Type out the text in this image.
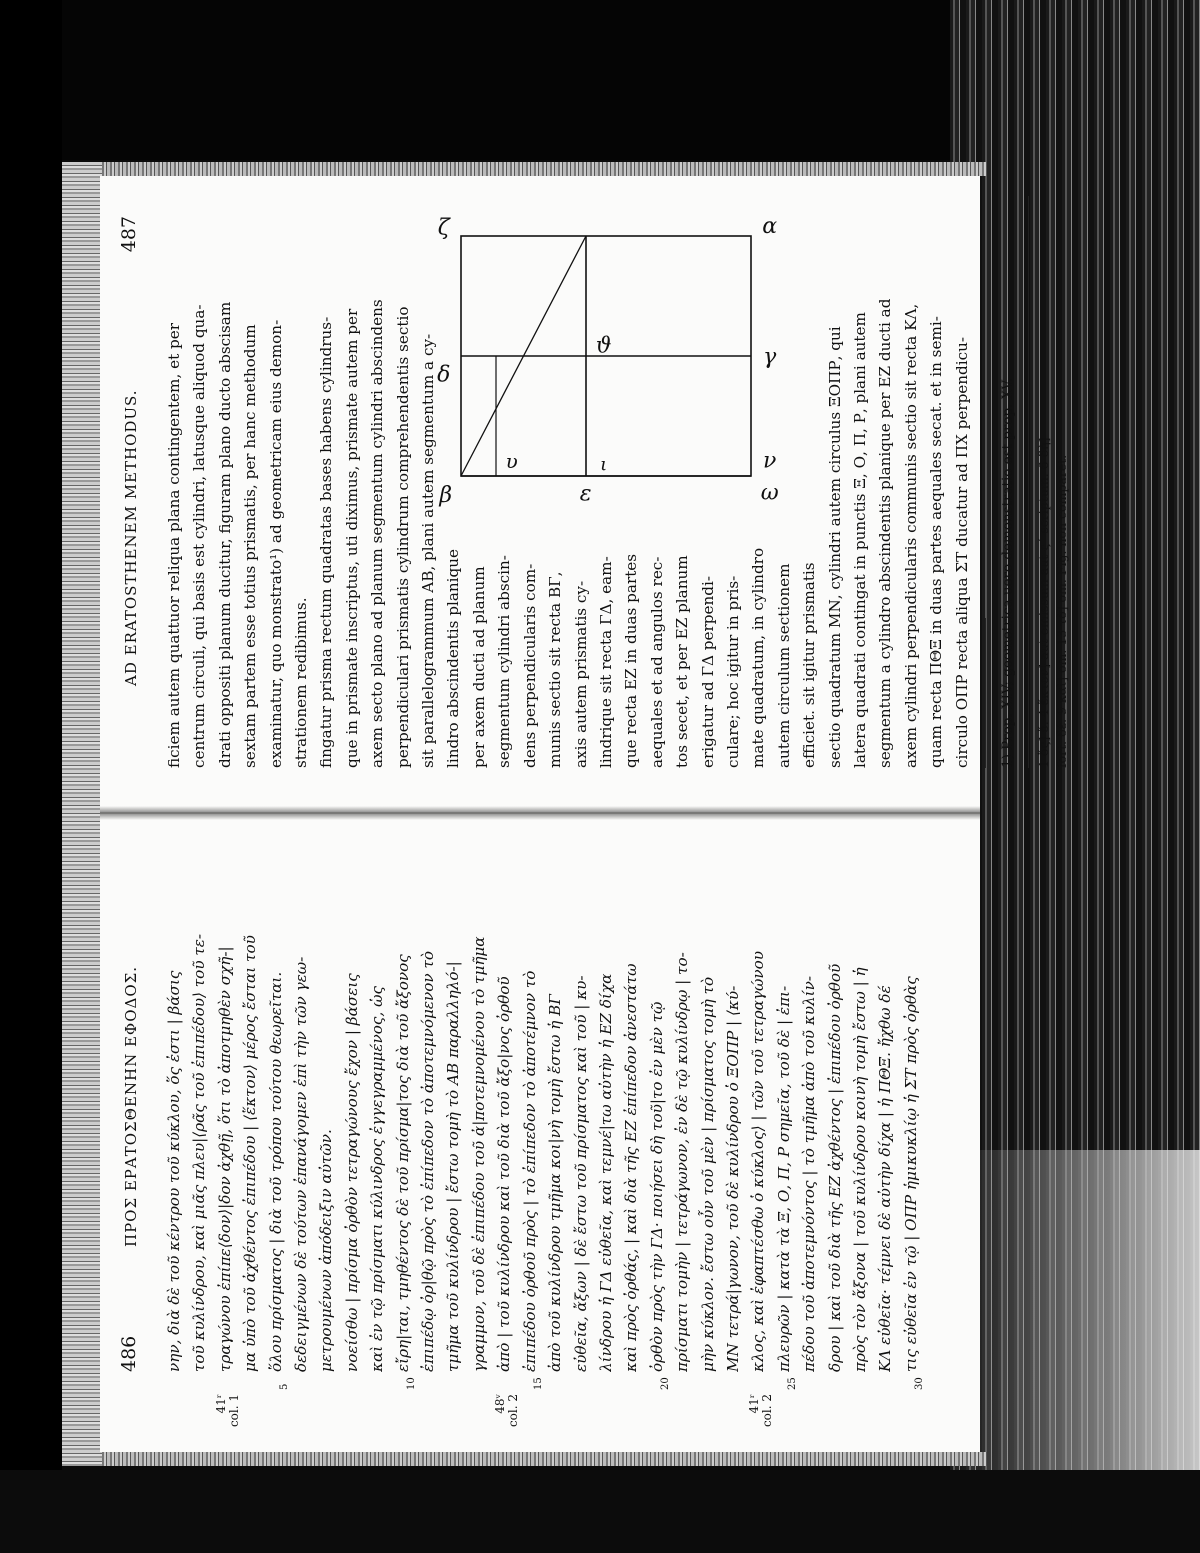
486
ΠΡΟΣ ΕΡΑΤΟΣΘΕΝΗΝ ΕΦΟΔΟΣ. νην, διὰ δὲ τοῦ κέντρου τοῦ κύκλου, ὅς ἐστι | βάσις τοῦ κυλίνδρου, καὶ μιᾶς πλευ|⟨ρᾶς τοῦ ἐπιπέδου⟩ τοῦ τε- τραγώνου ἐπίπε⟨δον⟩|δον ἀχθῇ, ὅτι τὸ ἀποτμηθὲν σχῆ-| μα ὑπὸ τοῦ ἀχθέντος ἐπιπέδου | ⟨ἕκτον⟩ μέρος ἔσται τοῦ ὅλου πρίσματος | διὰ τοῦ τρόπου τούτου θεωρεῖται. δεδειγμένων δὲ τούτων ἐπανάγομεν ἐπὶ τὴν τῶν γεω- μετρουμένων ἀπόδειξιν αὐτῶν. νοείσθω | πρίσμα ὀρθὸν τετραγώνους ἔχον | βάσεις καὶ ἐν τῷ πρίσματι κύλινδρος ἐγγεγραμμένος, ὡς εἴρη|ται, τμηθέντος δὲ τοῦ πρίσμα|τος διὰ τοῦ ἄξονος ἐπιπέδῳ ὀρ|θῷ πρὸς τὸ ἐπίπεδον τὸ ἀποτεμνόμενον τὸ τμῆμα τοῦ κυλίνδρου | ἔστω τομὴ τὸ ΑΒ παραλληλό-| γραμμον, τοῦ δὲ ἐπιπέδου τοῦ ἀ|ποτεμνομένου τὸ τμῆμα ἀπὸ | τοῦ κυλίνδρου καὶ τοῦ διὰ τοῦ ἄξο|νος ὀρθοῦ ἐπιπέδου ὀρθοῦ πρὸς | τὸ ἐπίπεδον τὸ ἀποτέμνον τὸ ἀπὸ τοῦ κυλίνδρου τμῆμα κοι|νὴ τομὴ ἔστω ἡ ΒΓ εὐθεῖα, ἄξων | δὲ ἔστω τοῦ πρίσματος καὶ τοῦ | κυ- λίνδρου ἡ ΓΔ εὐθεῖα, καὶ τεμνέ|τω αὐτὴν ἡ ΕΖ δίχα καὶ πρὸς ὀρθάς, | καὶ διὰ τῆς ΕΖ ἐπίπεδον ἀνεστάτω ὀρθὸν πρὸς τὴν ΓΔ· ποιήσει δὴ τοῦ|το ἐν μὲν τῷ πρίσματι τομὴν | τετράγωνον, ἐν δὲ τῷ κυλίνδρῳ | το- μὴν κύκλον. ἔστω οὖν τοῦ μὲν | πρίσματος τομὴ τὸ ΜΝ τετρά|γωνον, τοῦ δὲ κυλίνδρου ὁ ΞΟΠΡ | ⟨κύ- κλος, καὶ ἐφαπτέσθω ὁ κύκλος⟩ | τῶν τοῦ τετραγώνου πλευρῶν | κατὰ τὰ Ξ, Ο, Π, Ρ σημεῖα, τοῦ δὲ | ἐπι- πέδου τοῦ ἀποτεμνόντος | τὸ τμῆμα ἀπὸ τοῦ κυλίν- δρου | καὶ τοῦ διὰ τῆς ΕΖ ἀχθέντος | ἐπιπέδου ὀρθοῦ πρὸς τὸν ἄξονα | τοῦ κυλίνδρου κοινὴ τομὴ ἔστω | ἡ ΚΛ εὐθεῖα· τέμνει δὲ αὐτὴν δίχα | ἡ ΠΘΞ. ἤχθω δέ τις εὐθεῖα ἐν τῷ | ΟΠΡ ἡμικυκλίῳ ἡ ΣΤ πρὸς ὀρθὰς
41ʳ col. 1	48ᵛ col. 2	41ʳ col. 2
5	10	15	20	25	30
AD ERATOSTHENEM METHODUS.
487
ficiem autem quattuor reliqua plana contingentem, et per centrum circuli, qui basis est cylindri, latusque aliquod qua- drati oppositi planum ducitur, figuram plano ducto abscisam sextam partem esse totius prismatis, per hanc methodum examinatur, quo monstrato¹) ad geometricam eius demon- strationem redibimus. fingatur prisma rectum quadratas bases habens cylindrus- que in prismate inscriptus, uti diximus, prismate autem per axem secto plano ad planum segmentum cylindri abscindens perpendiculari prismatis cylindrum comprehendentis sectio sit parallelogrammum ΑΒ, plani autem segmentum a cy- β
δ
ζ
ε
υ	ι
ϑ
ν
ω
γ
α
lindro abscindentis planique per axem ducti ad planum segmentum cylindri abscin- dens perpendicularis com- munis sectio sit recta ΒΓ, axis autem prismatis cy- lindrique sit recta ΓΔ, eam- que recta ΕΖ in duas partes aequales et ad angulos rec- tos secet, et per ΕΖ planum erigatur ad ΓΔ perpendi- culare; hoc igitur in pris- mate quadratum, in cylindro autem circulum sectionem efficiet. sit igitur prismatis sectio quadratum ΜΝ, cylindri autem circulus ΞΟΠΡ, qui latera quadrati contingat in punctis Ξ, Ο, Π, Ρ, plani autem segmentum a cylindro abscindentis planique per ΕΖ ducti ad axem cylindri perpendicularis communis sectio sit recta ΚΛ, quam recta ΠΘΞ in duas partes aequales secat. et in semi- circulo ΟΠΡ recta aliqua ΣΤ ducatur ad ΠΧ perpendicu-	1) Prop. XIV; geometrica uero demonstratio est prop. XV. 1 ὅς] ὅ. 4 ἕκτον] aut omissum aut ς´ scriptum. 6 δὴ] fort. δέ. 9 καὶ] om. 13 τὸ] om. Fig. non comparet.
